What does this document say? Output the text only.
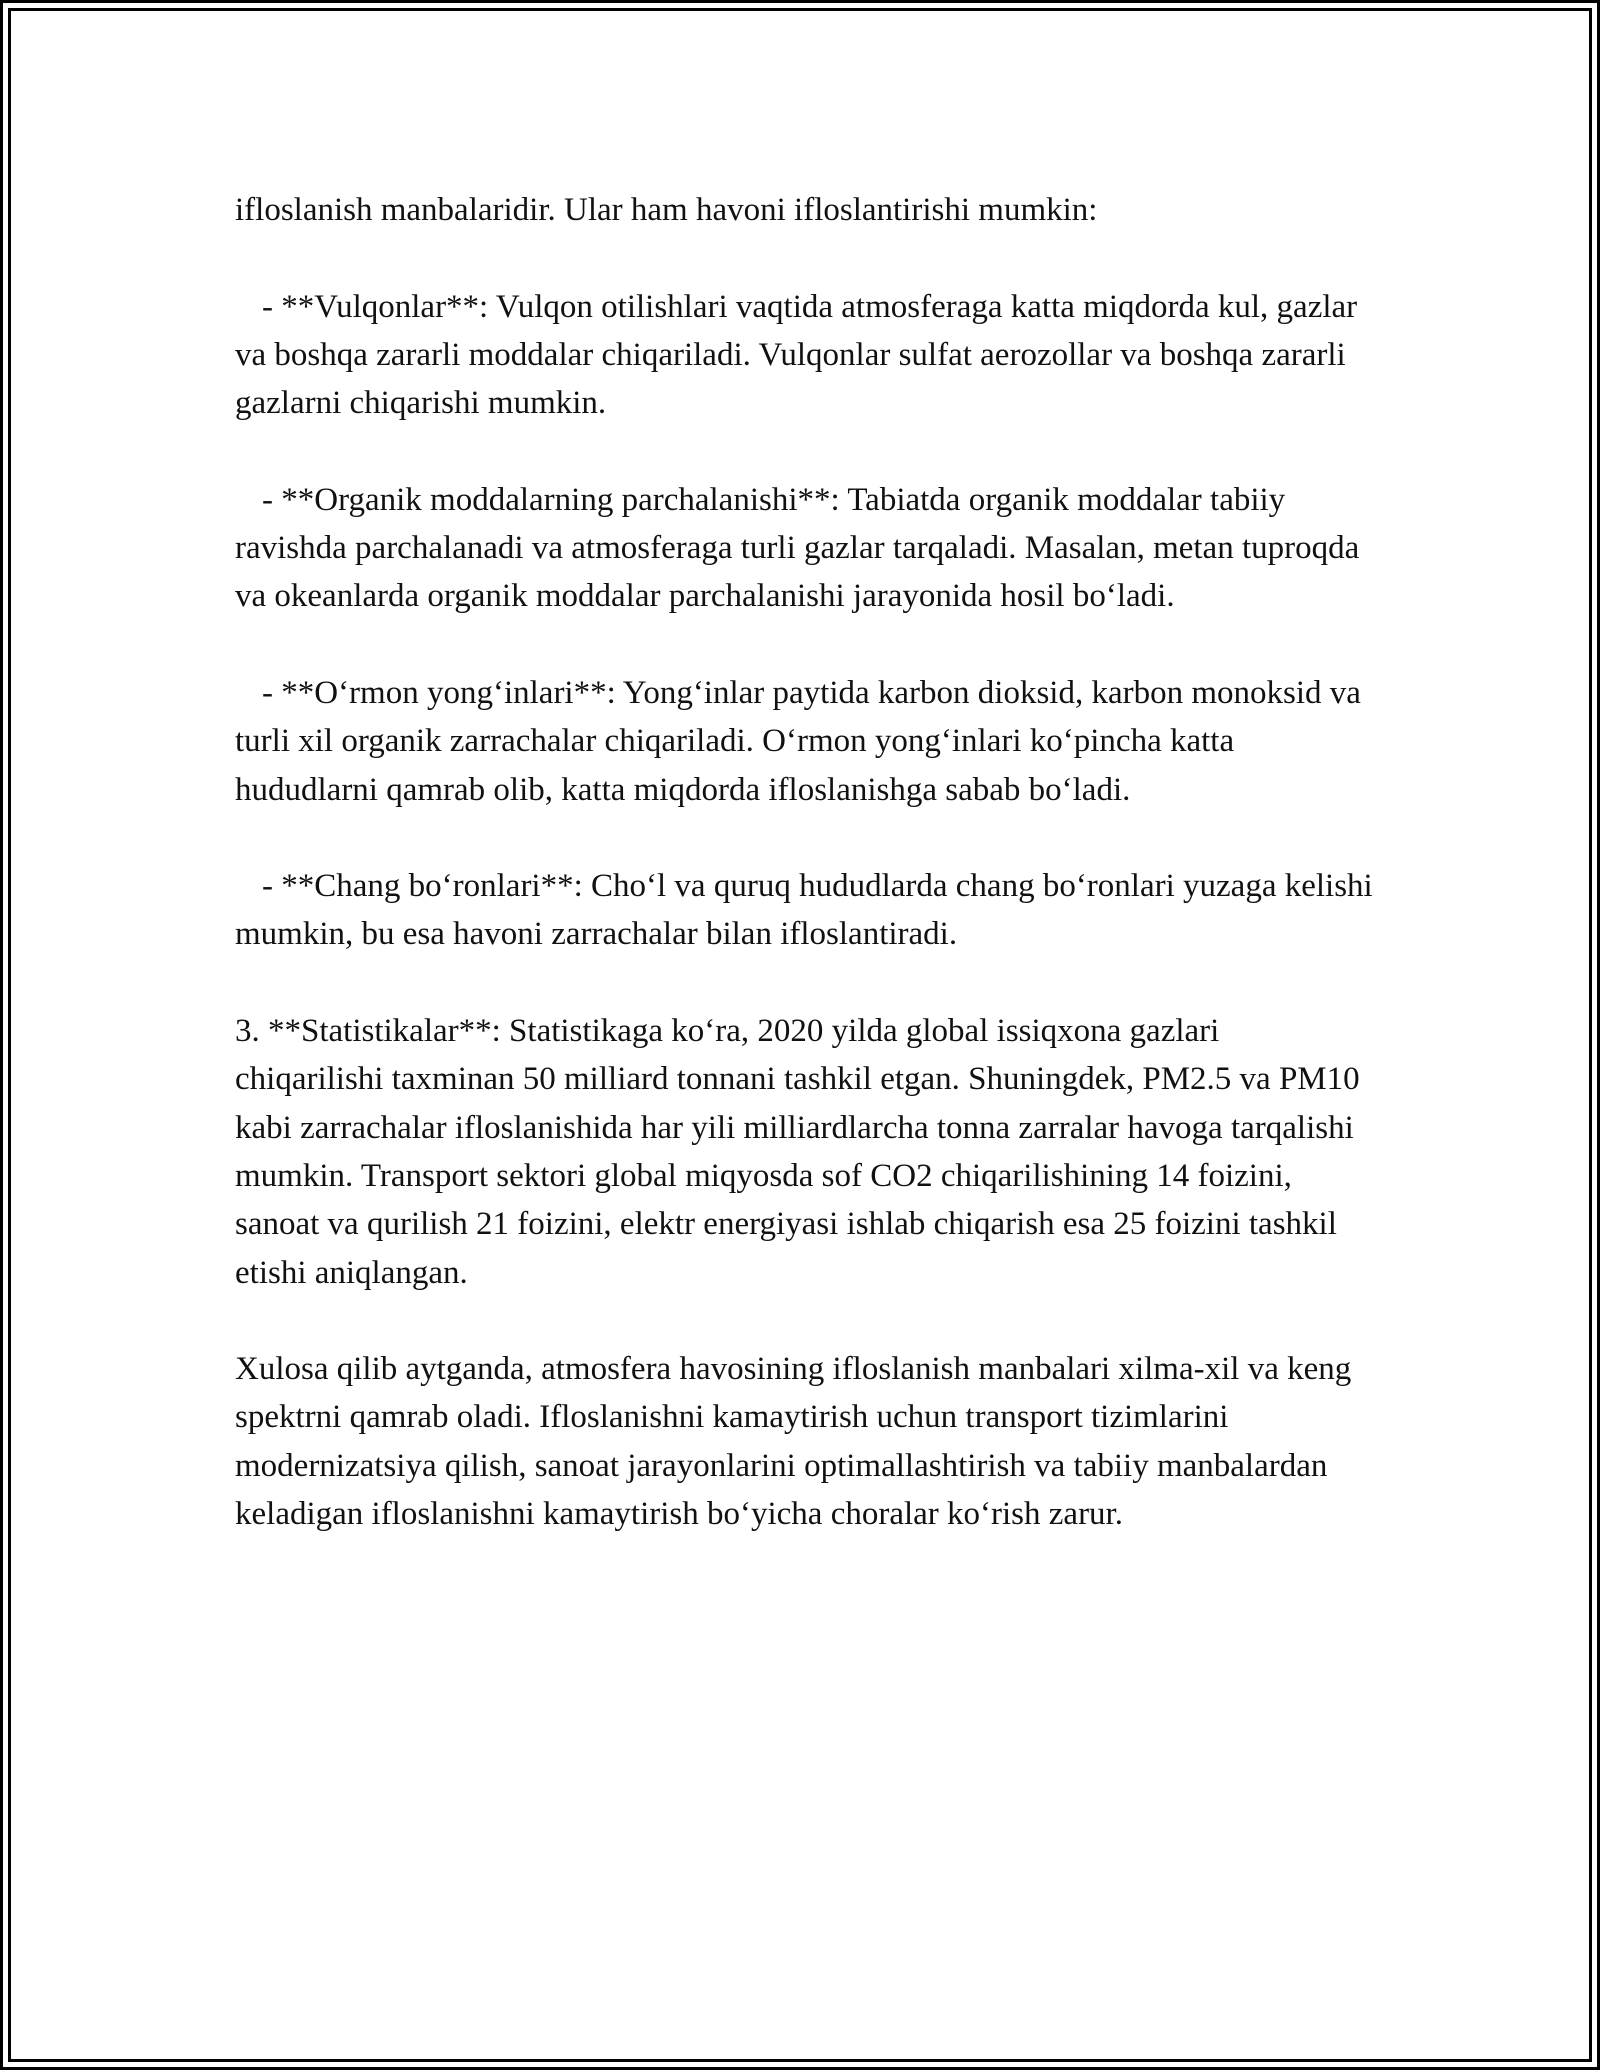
ifloslanish manbalaridir. Ular ham havoni ifloslantirishi mumkin:

- **Vulqonlar**: Vulqon otilishlari vaqtida atmosferaga katta miqdorda kul, gazlar va boshqa zararli moddalar chiqariladi. Vulqonlar sulfat aerozollar va boshqa zararli gazlarni chiqarishi mumkin.

- **Organik moddalarning parchalanishi**: Tabiatda organik moddalar tabiiy ravishda parchalanadi va atmosferaga turli gazlar tarqaladi. Masalan, metan tuproqda va okeanlarda organik moddalar parchalanishi jarayonida hosil boʻladi.

- **Oʻrmon yongʻinlari**: Yongʻinlar paytida karbon dioksid, karbon monoksid va turli xil organik zarrachalar chiqariladi. Oʻrmon yongʻinlari koʻpincha katta hududlarni qamrab olib, katta miqdorda ifloslanishga sabab boʻladi.

- **Chang boʻronlari**: Choʻl va quruq hududlarda chang boʻronlari yuzaga kelishi mumkin, bu esa havoni zarrachalar bilan ifloslantiradi.

3. **Statistikalar**: Statistikaga koʻra, 2020 yilda global issiqxona gazlari chiqarilishi taxminan 50 milliard tonnani tashkil etgan. Shuningdek, PM2.5 va PM10 kabi zarrachalar ifloslanishida har yili milliardlarcha tonna zarralar havoga tarqalishi mumkin. Transport sektori global miqyosda sof CO2 chiqarilishining 14 foizini, sanoat va qurilish 21 foizini, elektr energiyasi ishlab chiqarish esa 25 foizini tashkil etishi aniqlangan.

Xulosa qilib aytganda, atmosfera havosining ifloslanish manbalari xilma-xil va keng spektrni qamrab oladi. Ifloslanishni kamaytirish uchun transport tizimlarini modernizatsiya qilish, sanoat jarayonlarini optimallashtirish va tabiiy manbalardan keladigan ifloslanishni kamaytirish boʻyicha choralar koʻrish zarur.
